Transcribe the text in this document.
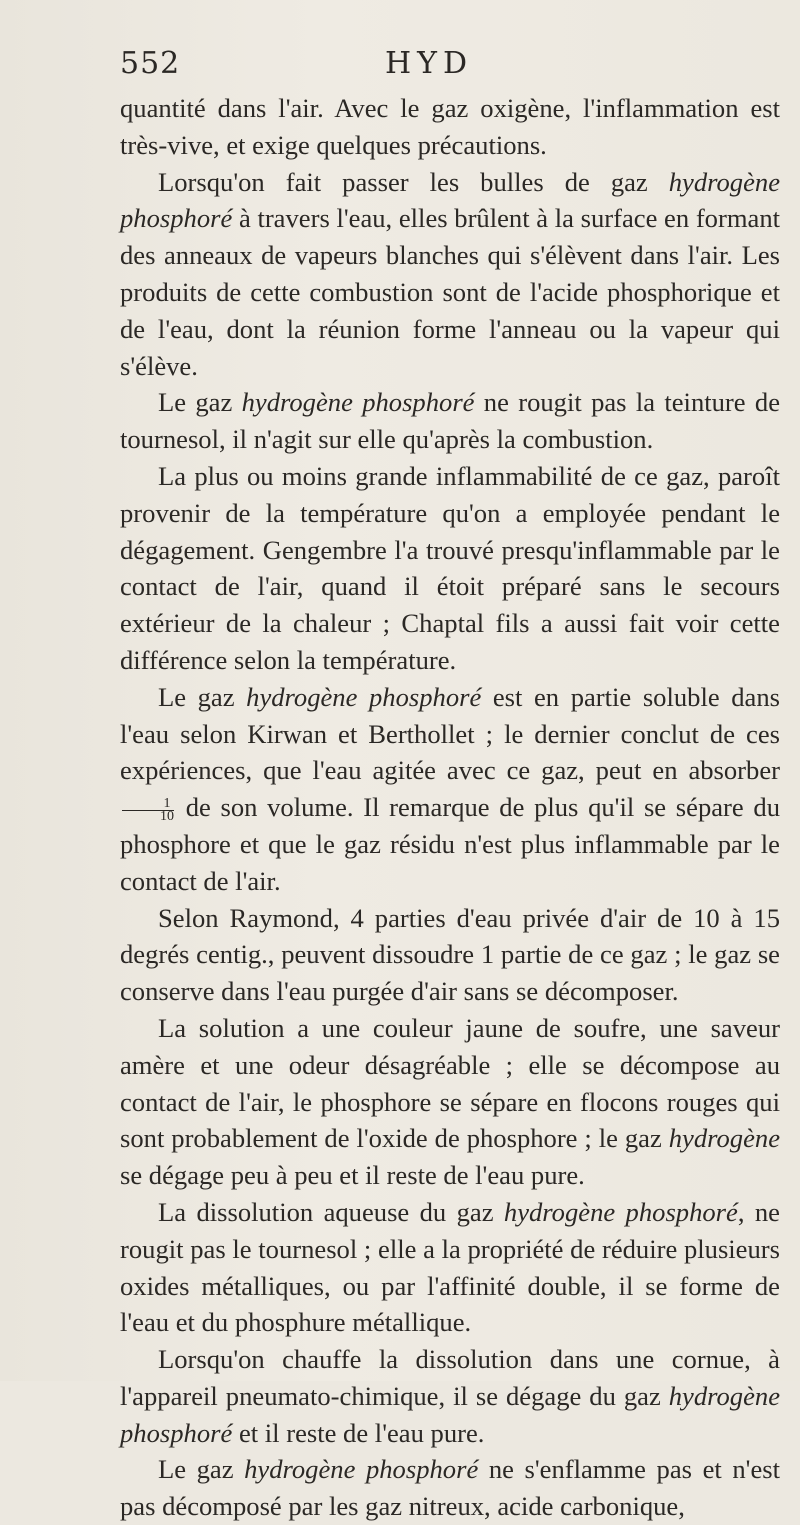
552	HYD

quantité dans l'air. Avec le gaz oxigène, l'inflammation est très-vive, et exige quelques précautions.

Lorsqu'on fait passer les bulles de gaz hydrogène phosphoré à travers l'eau, elles brûlent à la surface en formant des anneaux de vapeurs blanches qui s'élèvent dans l'air. Les produits de cette combustion sont de l'acide phosphorique et de l'eau, dont la réunion forme l'anneau ou la vapeur qui s'élève.

Le gaz hydrogène phosphoré ne rougit pas la teinture de tournesol, il n'agit sur elle qu'après la combustion.

La plus ou moins grande inflammabilité de ce gaz, paroît provenir de la température qu'on a employée pendant le dégagement. Gengembre l'a trouvé presqu'inflammable par le contact de l'air, quand il étoit préparé sans le secours extérieur de la chaleur ; Chaptal fils a aussi fait voir cette différence selon la température.

Le gaz hydrogène phosphoré est en partie soluble dans l'eau selon Kirwan et Berthollet ; le dernier conclut de ces expériences, que l'eau agitée avec ce gaz, peut en absorber
$\frac{1}{10}$ de son volume. Il remarque de plus qu'il se sépare du phosphore et que le gaz résidu n'est plus inflammable par le contact de l'air.

Selon Raymond, 4 parties d'eau privée d'air de 10 à 15 degrés centig., peuvent dissoudre 1 partie de ce gaz ; le gaz se conserve dans l'eau purgée d'air sans se décomposer.

La solution a une couleur jaune de soufre, une saveur amère et une odeur désagréable ; elle se décompose au contact de l'air, le phosphore se sépare en flocons rouges qui sont probablement de l'oxide de phosphore ; le gaz hydrogène se dégage peu à peu et il reste de l'eau pure.

La dissolution aqueuse du gaz hydrogène phosphoré, ne rougit pas le tournesol ; elle a la propriété de réduire plusieurs oxides métalliques, ou par l'affinité double, il se forme de l'eau et du phosphure métallique.

Lorsqu'on chauffe la dissolution dans une cornue, à l'appareil pneumato-chimique, il se dégage du gaz hydrogène phosphoré et il reste de l'eau pure.

Le gaz hydrogène phosphoré ne s'enflamme pas et n'est pas décomposé par les gaz nitreux, acide carbonique,
